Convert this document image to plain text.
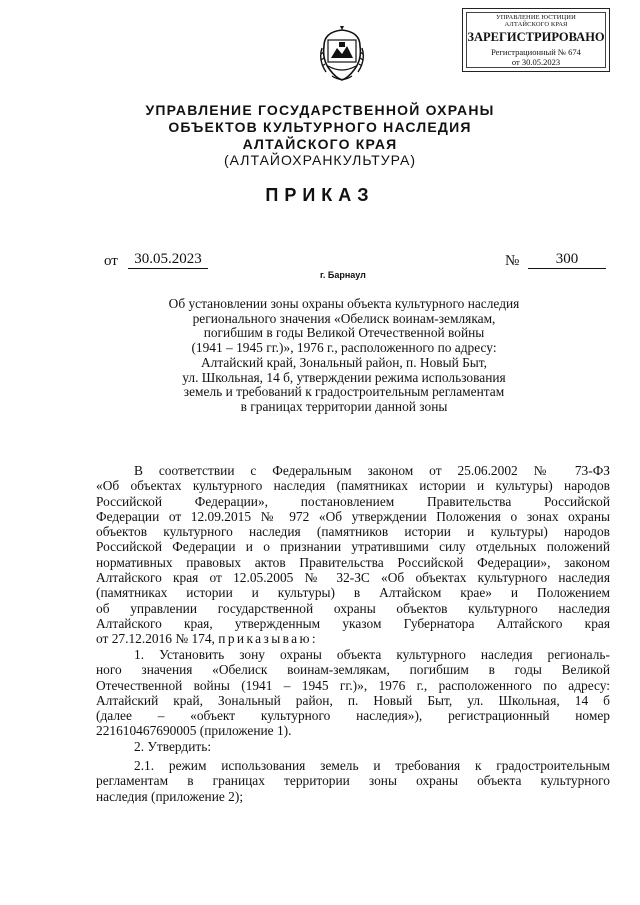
УПРАВЛЕНИЕ ЮСТИЦИИ

АЛТАЙСКОГО КРАЯ

ЗАРЕГИСТРИРОВАНО

Регистрационный № 674

от 30.05.2023

УПРАВЛЕНИЕ ГОСУДАРСТВЕННОЙ ОХРАНЫ

ОБЪЕКТОВ КУЛЬТУРНОГО НАСЛЕДИЯ

АЛТАЙСКОГО КРАЯ

(АЛТАЙОХРАНКУЛЬТУРА)

ПРИКАЗ

от	30.05.2023	№	300
г. Барнаул

Об установлении зоны охраны объекта культурного наследия
регионального значения «Обелиск воинам-землякам,
погибшим в годы Великой Отечественной войны
(1941 – 1945 гг.)», 1976 г., расположенного по адресу:
Алтайский край, Зональный район, п. Новый Быт,
ул. Школьная, 14 б, утверждении режима использования
земель и требований к градостроительным регламентам
в границах территории данной зоны

В соответствии с Федеральным законом от 25.06.2002 № 73-ФЗ
«Об объектах культурного наследия (памятниках истории и культуры) народов
Российской Федерации», постановлением Правительства Российской
Федерации от 12.09.2015 № 972 «Об утверждении Положения о зонах охраны
объектов культурного наследия (памятников истории и культуры) народов
Российской Федерации и о признании утратившими силу отдельных положений
нормативных правовых актов Правительства Российской Федерации», законом
Алтайского края от 12.05.2005 № 32-ЗС «Об объектах культурного наследия
(памятниках истории и культуры) в Алтайском крае» и Положением
об управлении государственной охраны объектов культурного наследия
Алтайского края, утвержденным указом Губернатора Алтайского края
от 27.12.2016 № 174, приказываю:

1. Установить зону охраны объекта культурного наследия региональ-
ного значения «Обелиск воинам-землякам, погибшим в годы Великой
Отечественной войны (1941 – 1945 гг.)», 1976 г., расположенного по адресу:
Алтайский край, Зональный район, п. Новый Быт, ул. Школьная, 14 б
(далее – «объект культурного наследия»), регистрационный номер
221610467690005 (приложение 1).

2. Утвердить:

2.1. режим использования земель и требования к градостроительным
регламентам в границах территории зоны охраны объекта культурного
наследия (приложение 2);
